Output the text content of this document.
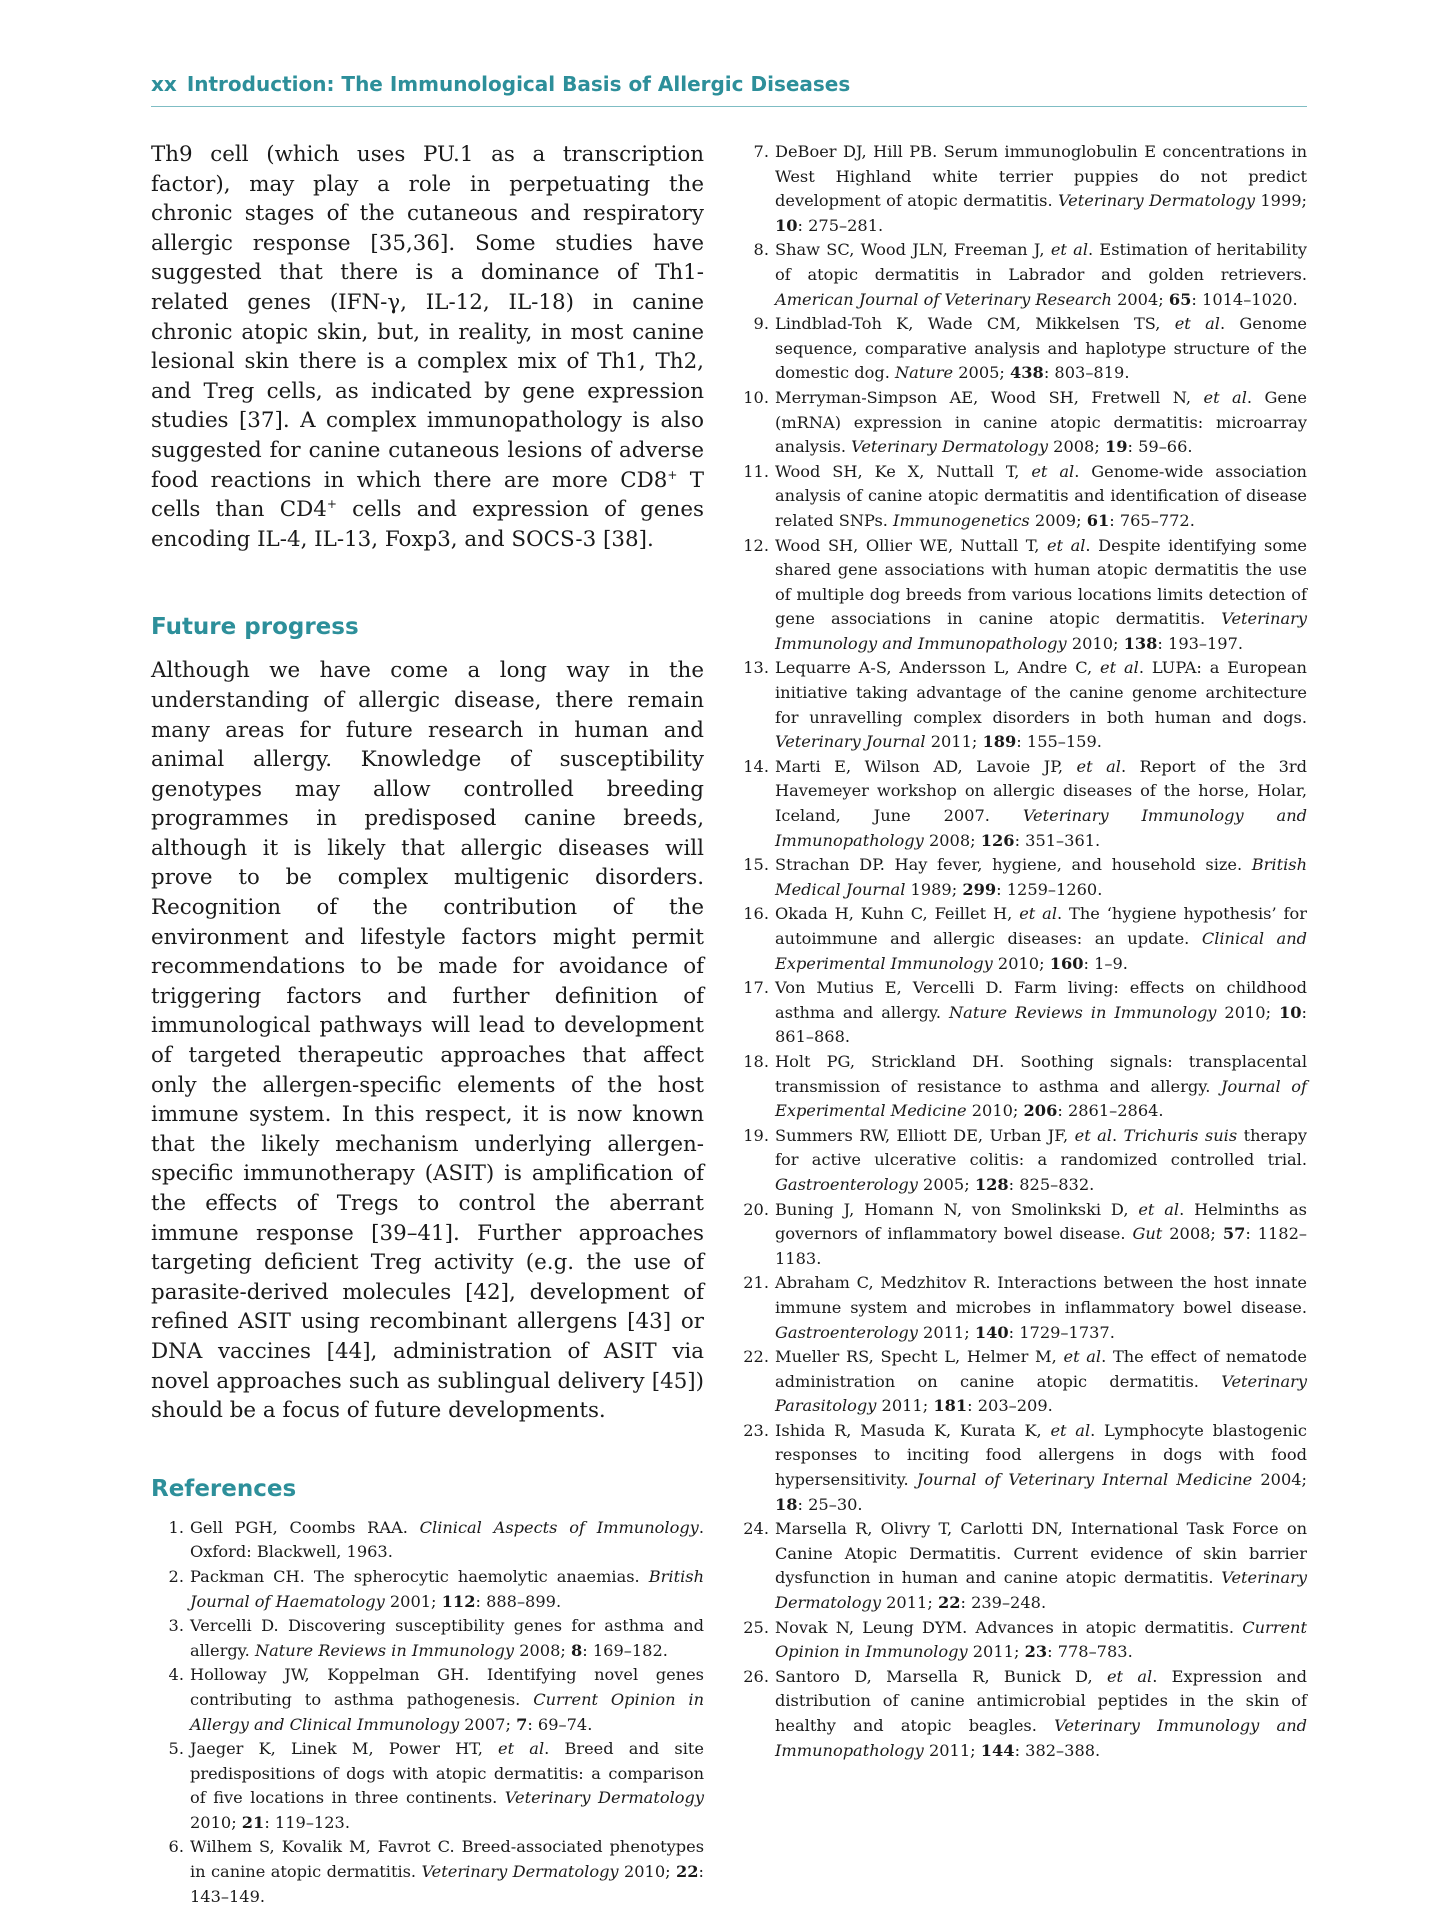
xx Introduction: The Immunological Basis of Allergic Diseases

Th9 cell (which uses PU.1 as a transcription factor), may play a role in perpetuating the chronic stages of the cutaneous and respiratory allergic response [35,36]. Some studies have suggested that there is a dominance of Th1-related genes (IFN-γ, IL-12, IL-18) in canine chronic atopic skin, but, in reality, in most canine lesional skin there is a complex mix of Th1, Th2, and Treg cells, as indicated by gene expression studies [37]. A complex immunopathology is also suggested for canine cutaneous lesions of adverse food reactions in which there are more CD8+ T cells than CD4+ cells and expression of genes encoding IL-4, IL-13, Foxp3, and SOCS-3 [38].

Future progress

Although we have come a long way in the understanding of allergic disease, there remain many areas for future research in human and animal allergy. Knowledge of susceptibility genotypes may allow controlled breeding programmes in predisposed canine breeds, although it is likely that allergic diseases will prove to be complex multigenic disorders. Recognition of the contribution of the environment and lifestyle factors might permit recommendations to be made for avoidance of triggering factors and further definition of immunological pathways will lead to development of targeted therapeutic approaches that affect only the allergen-specific elements of the host immune system. In this respect, it is now known that the likely mechanism underlying allergen-specific immunotherapy (ASIT) is amplification of the effects of Tregs to control the aberrant immune response [39–41]. Further approaches targeting deficient Treg activity (e.g. the use of parasite-derived molecules [42], development of refined ASIT using recombinant allergens [43] or DNA vaccines [44], administration of ASIT via novel approaches such as sublingual delivery [45]) should be a focus of future developments.

References
1. Gell PGH, Coombs RAA. Clinical Aspects of Immunology. Oxford: Blackwell, 1963.
2. Packman CH. The spherocytic haemolytic anaemias. British Journal of Haematology 2001; 112: 888–899.
3. Vercelli D. Discovering susceptibility genes for asthma and allergy. Nature Reviews in Immunology 2008; 8: 169–182.
4. Holloway JW, Koppelman GH. Identifying novel genes contributing to asthma pathogenesis. Current Opinion in Allergy and Clinical Immunology 2007; 7: 69–74.
5. Jaeger K, Linek M, Power HT, et al. Breed and site predispositions of dogs with atopic dermatitis: a comparison of five locations in three continents. Veterinary Dermatology 2010; 21: 119–123.
6. Wilhem S, Kovalik M, Favrot C. Breed-associated phenotypes in canine atopic dermatitis. Veterinary Dermatology 2010; 22: 143–149.
7. DeBoer DJ, Hill PB. Serum immunoglobulin E concentrations in West Highland white terrier puppies do not predict development of atopic dermatitis. Veterinary Dermatology 1999; 10: 275–281.
8. Shaw SC, Wood JLN, Freeman J, et al. Estimation of heritability of atopic dermatitis in Labrador and golden retrievers. American Journal of Veterinary Research 2004; 65: 1014–1020.
9. Lindblad-Toh K, Wade CM, Mikkelsen TS, et al. Genome sequence, comparative analysis and haplotype structure of the domestic dog. Nature 2005; 438: 803–819.
10. Merryman-Simpson AE, Wood SH, Fretwell N, et al. Gene (mRNA) expression in canine atopic dermatitis: microarray analysis. Veterinary Dermatology 2008; 19: 59–66.
11. Wood SH, Ke X, Nuttall T, et al. Genome-wide association analysis of canine atopic dermatitis and identification of disease related SNPs. Immunogenetics 2009; 61: 765–772.
12. Wood SH, Ollier WE, Nuttall T, et al. Despite identifying some shared gene associations with human atopic dermatitis the use of multiple dog breeds from various locations limits detection of gene associations in canine atopic dermatitis. Veterinary Immunology and Immunopathology 2010; 138: 193–197.
13. Lequarre A-S, Andersson L, Andre C, et al. LUPA: a European initiative taking advantage of the canine genome architecture for unravelling complex disorders in both human and dogs. Veterinary Journal 2011; 189: 155–159.
14. Marti E, Wilson AD, Lavoie JP, et al. Report of the 3rd Havemeyer workshop on allergic diseases of the horse, Holar, Iceland, June 2007. Veterinary Immunology and Immunopathology 2008; 126: 351–361.
15. Strachan DP. Hay fever, hygiene, and household size. British Medical Journal 1989; 299: 1259–1260.
16. Okada H, Kuhn C, Feillet H, et al. The ‘hygiene hypothesis’ for autoimmune and allergic diseases: an update. Clinical and Experimental Immunology 2010; 160: 1–9.
17. Von Mutius E, Vercelli D. Farm living: effects on childhood asthma and allergy. Nature Reviews in Immunology 2010; 10: 861–868.
18. Holt PG, Strickland DH. Soothing signals: transplacental transmission of resistance to asthma and allergy. Journal of Experimental Medicine 2010; 206: 2861–2864.
19. Summers RW, Elliott DE, Urban JF, et al. Trichuris suis therapy for active ulcerative colitis: a randomized controlled trial. Gastroenterology 2005; 128: 825–832.
20. Buning J, Homann N, von Smolinkski D, et al. Helminths as governors of inflammatory bowel disease. Gut 2008; 57: 1182–1183.
21. Abraham C, Medzhitov R. Interactions between the host innate immune system and microbes in inflammatory bowel disease. Gastroenterology 2011; 140: 1729–1737.
22. Mueller RS, Specht L, Helmer M, et al. The effect of nematode administration on canine atopic dermatitis. Veterinary Parasitology 2011; 181: 203–209.
23. Ishida R, Masuda K, Kurata K, et al. Lymphocyte blastogenic responses to inciting food allergens in dogs with food hypersensitivity. Journal of Veterinary Internal Medicine 2004; 18: 25–30.
24. Marsella R, Olivry T, Carlotti DN, International Task Force on Canine Atopic Dermatitis. Current evidence of skin barrier dysfunction in human and canine atopic dermatitis. Veterinary Dermatology 2011; 22: 239–248.
25. Novak N, Leung DYM. Advances in atopic dermatitis. Current Opinion in Immunology 2011; 23: 778–783.
26. Santoro D, Marsella R, Bunick D, et al. Expression and distribution of canine antimicrobial peptides in the skin of healthy and atopic beagles. Veterinary Immunology and Immunopathology 2011; 144: 382–388.
